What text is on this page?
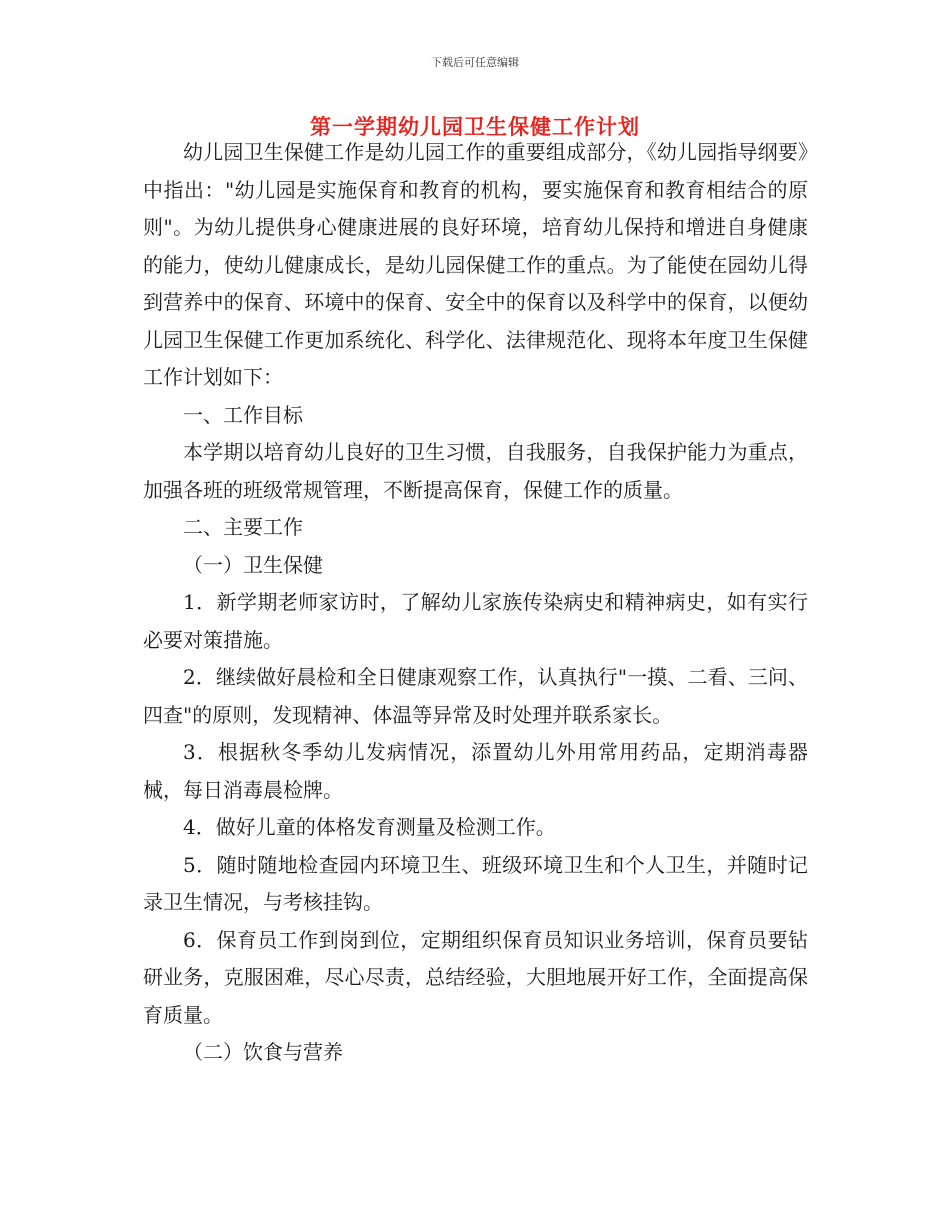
下载后可任意编辑
第一学期幼儿园卫生保健工作计划

幼儿园卫生保健工作是幼儿园工作的重要组成部分，《幼儿园指导纲要》中指出："幼儿园是实施保育和教育的机构，要实施保育和教育相结合的原则"。为幼儿提供身心健康进展的良好环境，培育幼儿保持和增进自身健康的能力，使幼儿健康成长，是幼儿园保健工作的重点。为了能使在园幼儿得到营养中的保育、环境中的保育、安全中的保育以及科学中的保育，以便幼儿园卫生保健工作更加系统化、科学化、法律规范化、现将本年度卫生保健工作计划如下：

一、工作目标

本学期以培育幼儿良好的卫生习惯，自我服务，自我保护能力为重点，加强各班的班级常规管理，不断提高保育，保健工作的质量。

二、主要工作

（一）卫生保健

1．新学期老师家访时，了解幼儿家族传染病史和精神病史，如有实行必要对策措施。

2．继续做好晨检和全日健康观察工作，认真执行"一摸、二看、三问、四查"的原则，发现精神、体温等异常及时处理并联系家长。

3．根据秋冬季幼儿发病情况，添置幼儿外用常用药品，定期消毒器械，每日消毒晨检牌。

4．做好儿童的体格发育测量及检测工作。

5．随时随地检查园内环境卫生、班级环境卫生和个人卫生，并随时记录卫生情况，与考核挂钩。

6．保育员工作到岗到位，定期组织保育员知识业务培训，保育员要钻研业务，克服困难，尽心尽责，总结经验，大胆地展开好工作，全面提高保育质量。

（二）饮食与营养
